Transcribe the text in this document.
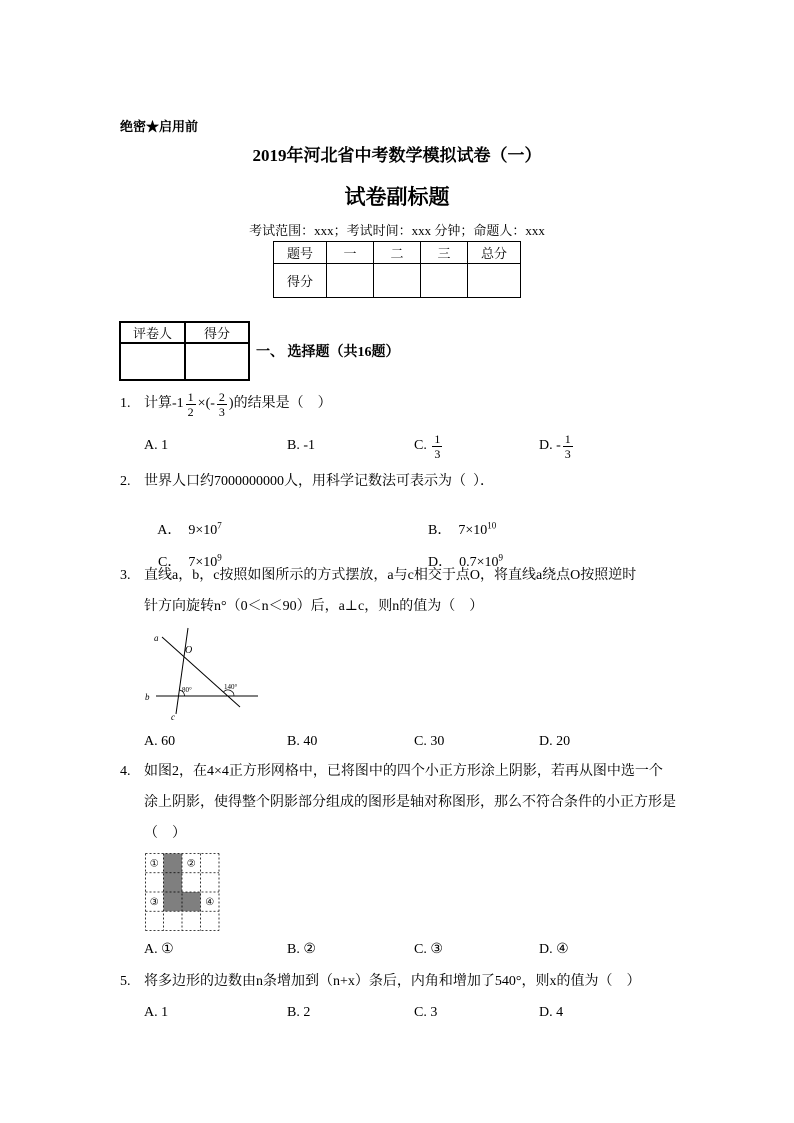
绝密★启用前
2019年河北省中考数学模拟试卷（一）
试卷副标题
考试范围：xxx；考试时间：xxx 分钟；命题人：xxx
题号	一	二	三	总分
得分				
评卷人	得分

一、 选择题（共16题）
1. 计算$-1 \frac{1}{2}$ ×(- $\frac{2}{3}$ )的结果是（    ）
A.
1	B.
-1	C.
$\frac{1}{3}$	D.
- $\frac{1}{3}$
2. 世界人口约7000000000人，用科学记数法可表示为（  ）．

A． $9\times 10^7$
	B． $7\times 10^{10}$

C． $7\times 10^9$
	D． $0.7\times 10^9$

3. 直线a，b，c按照如图所示的方式摆放，a与c相交于点O，将直线a绕点O按照逆时
针方向旋转n°（0＜n＜90）后，a⊥c，则n的值为（    ）
a
O
b
c
80°	140°
A. 60	B. 40	C. 30	D. 20
4. 如图2，在4×4正方形网格中，已将图中的四个小正方形涂上阴影，若再从图中选一个
涂上阴影，使得整个阴影部分组成的图形是轴对称图形，那么不符合条件的小正方形是
（    ）
①	②
③	④
A. ①	B. ②	C. ③	D. ④
5. 将多边形的边数由n条增加到（n+x）条后，内角和增加了540°，则x的值为（    ）
A. 1	B. 2	C. 3	D. 4
